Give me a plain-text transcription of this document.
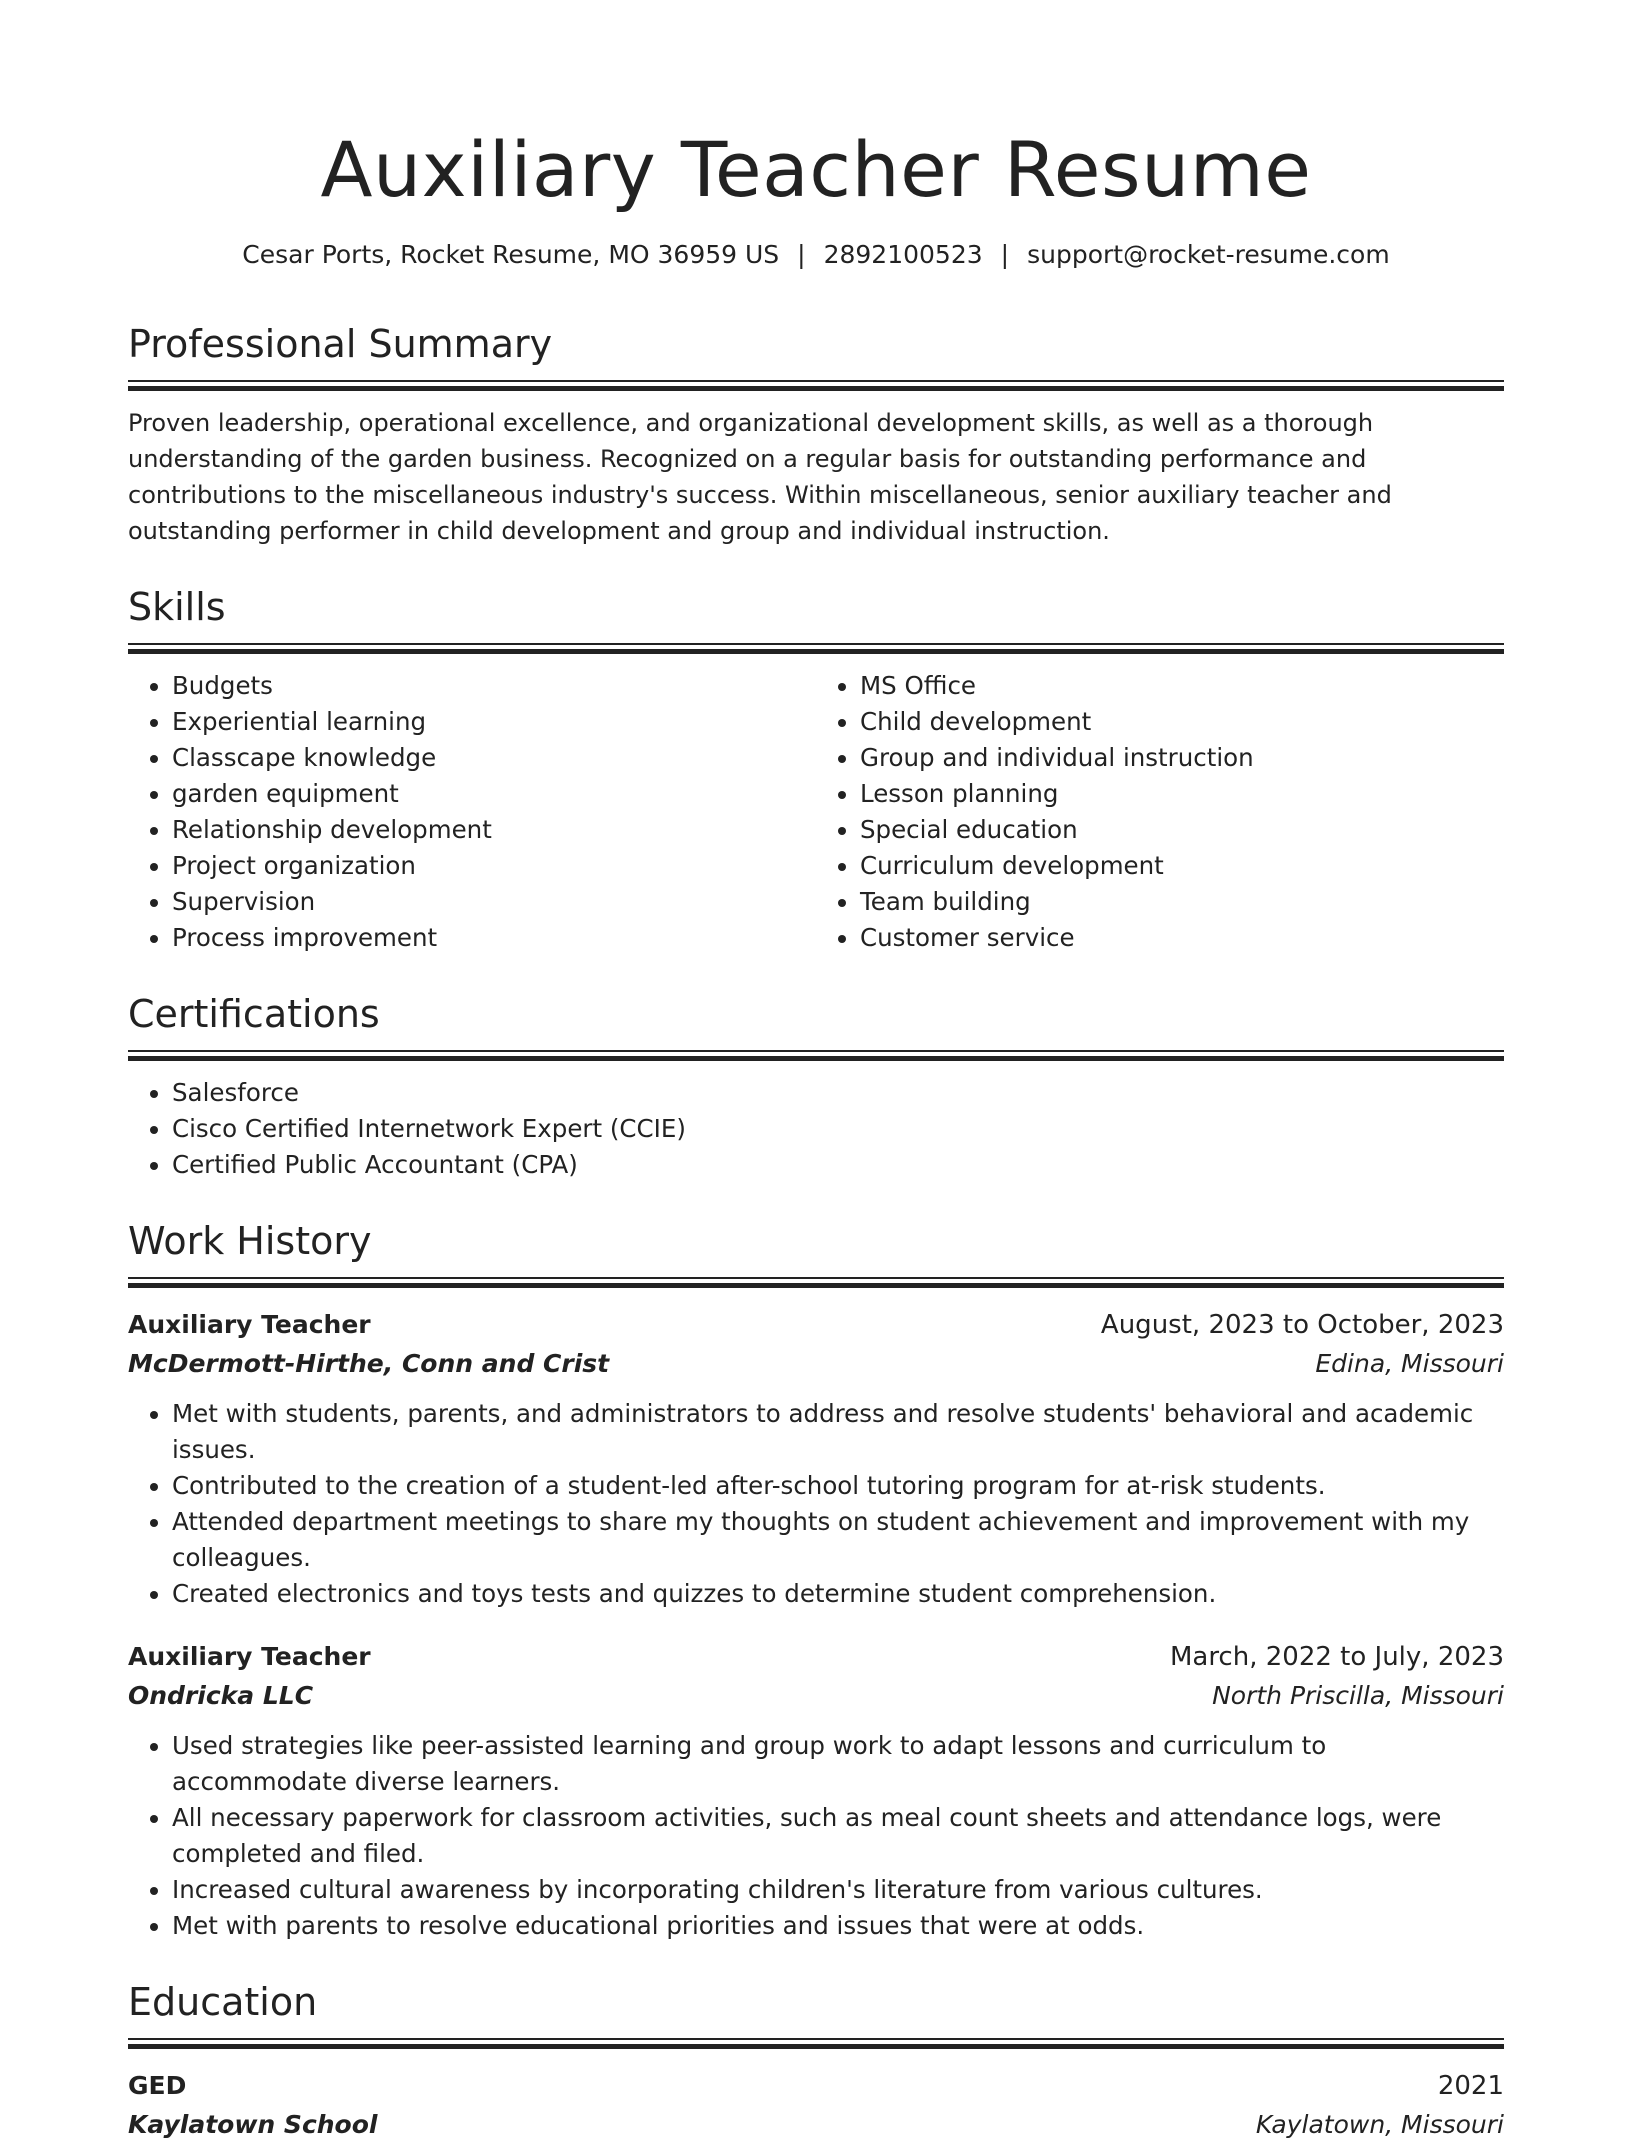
Auxiliary Teacher Resume
Cesar Ports, Rocket Resume, MO 36959 US | 2892100523 | support@rocket-resume.com
Professional Summary
Proven leadership, operational excellence, and organizational development skills, as well as a thorough understanding of the garden business. Recognized on a regular basis for outstanding performance and contributions to the miscellaneous industry's success. Within miscellaneous, senior auxiliary teacher and outstanding performer in child development and group and individual instruction.
Skills
• Budgets
• Experiential learning
• Classcape knowledge
• garden equipment
• Relationship development
• Project organization
• Supervision
• Process improvement
• MS Office
• Child development
• Group and individual instruction
• Lesson planning
• Special education
• Curriculum development
• Team building
• Customer service
Certifications
• Salesforce
• Cisco Certified Internetwork Expert (CCIE)
• Certified Public Accountant (CPA)
Work History
Auxiliary Teacher	August, 2023 to October, 2023
McDermott-Hirthe, Conn and Crist	Edina, Missouri
• Met with students, parents, and administrators to address and resolve students' behavioral and academic issues.
• Contributed to the creation of a student-led after-school tutoring program for at-risk students.
• Attended department meetings to share my thoughts on student achievement and improvement with my colleagues.
• Created electronics and toys tests and quizzes to determine student comprehension.
Auxiliary Teacher	March, 2022 to July, 2023
Ondricka LLC	North Priscilla, Missouri
• Used strategies like peer-assisted learning and group work to adapt lessons and curriculum to accommodate diverse learners.
• All necessary paperwork for classroom activities, such as meal count sheets and attendance logs, were completed and filed.
• Increased cultural awareness by incorporating children's literature from various cultures.
• Met with parents to resolve educational priorities and issues that were at odds.
Education
GED	2021
Kaylatown School	Kaylatown, Missouri
